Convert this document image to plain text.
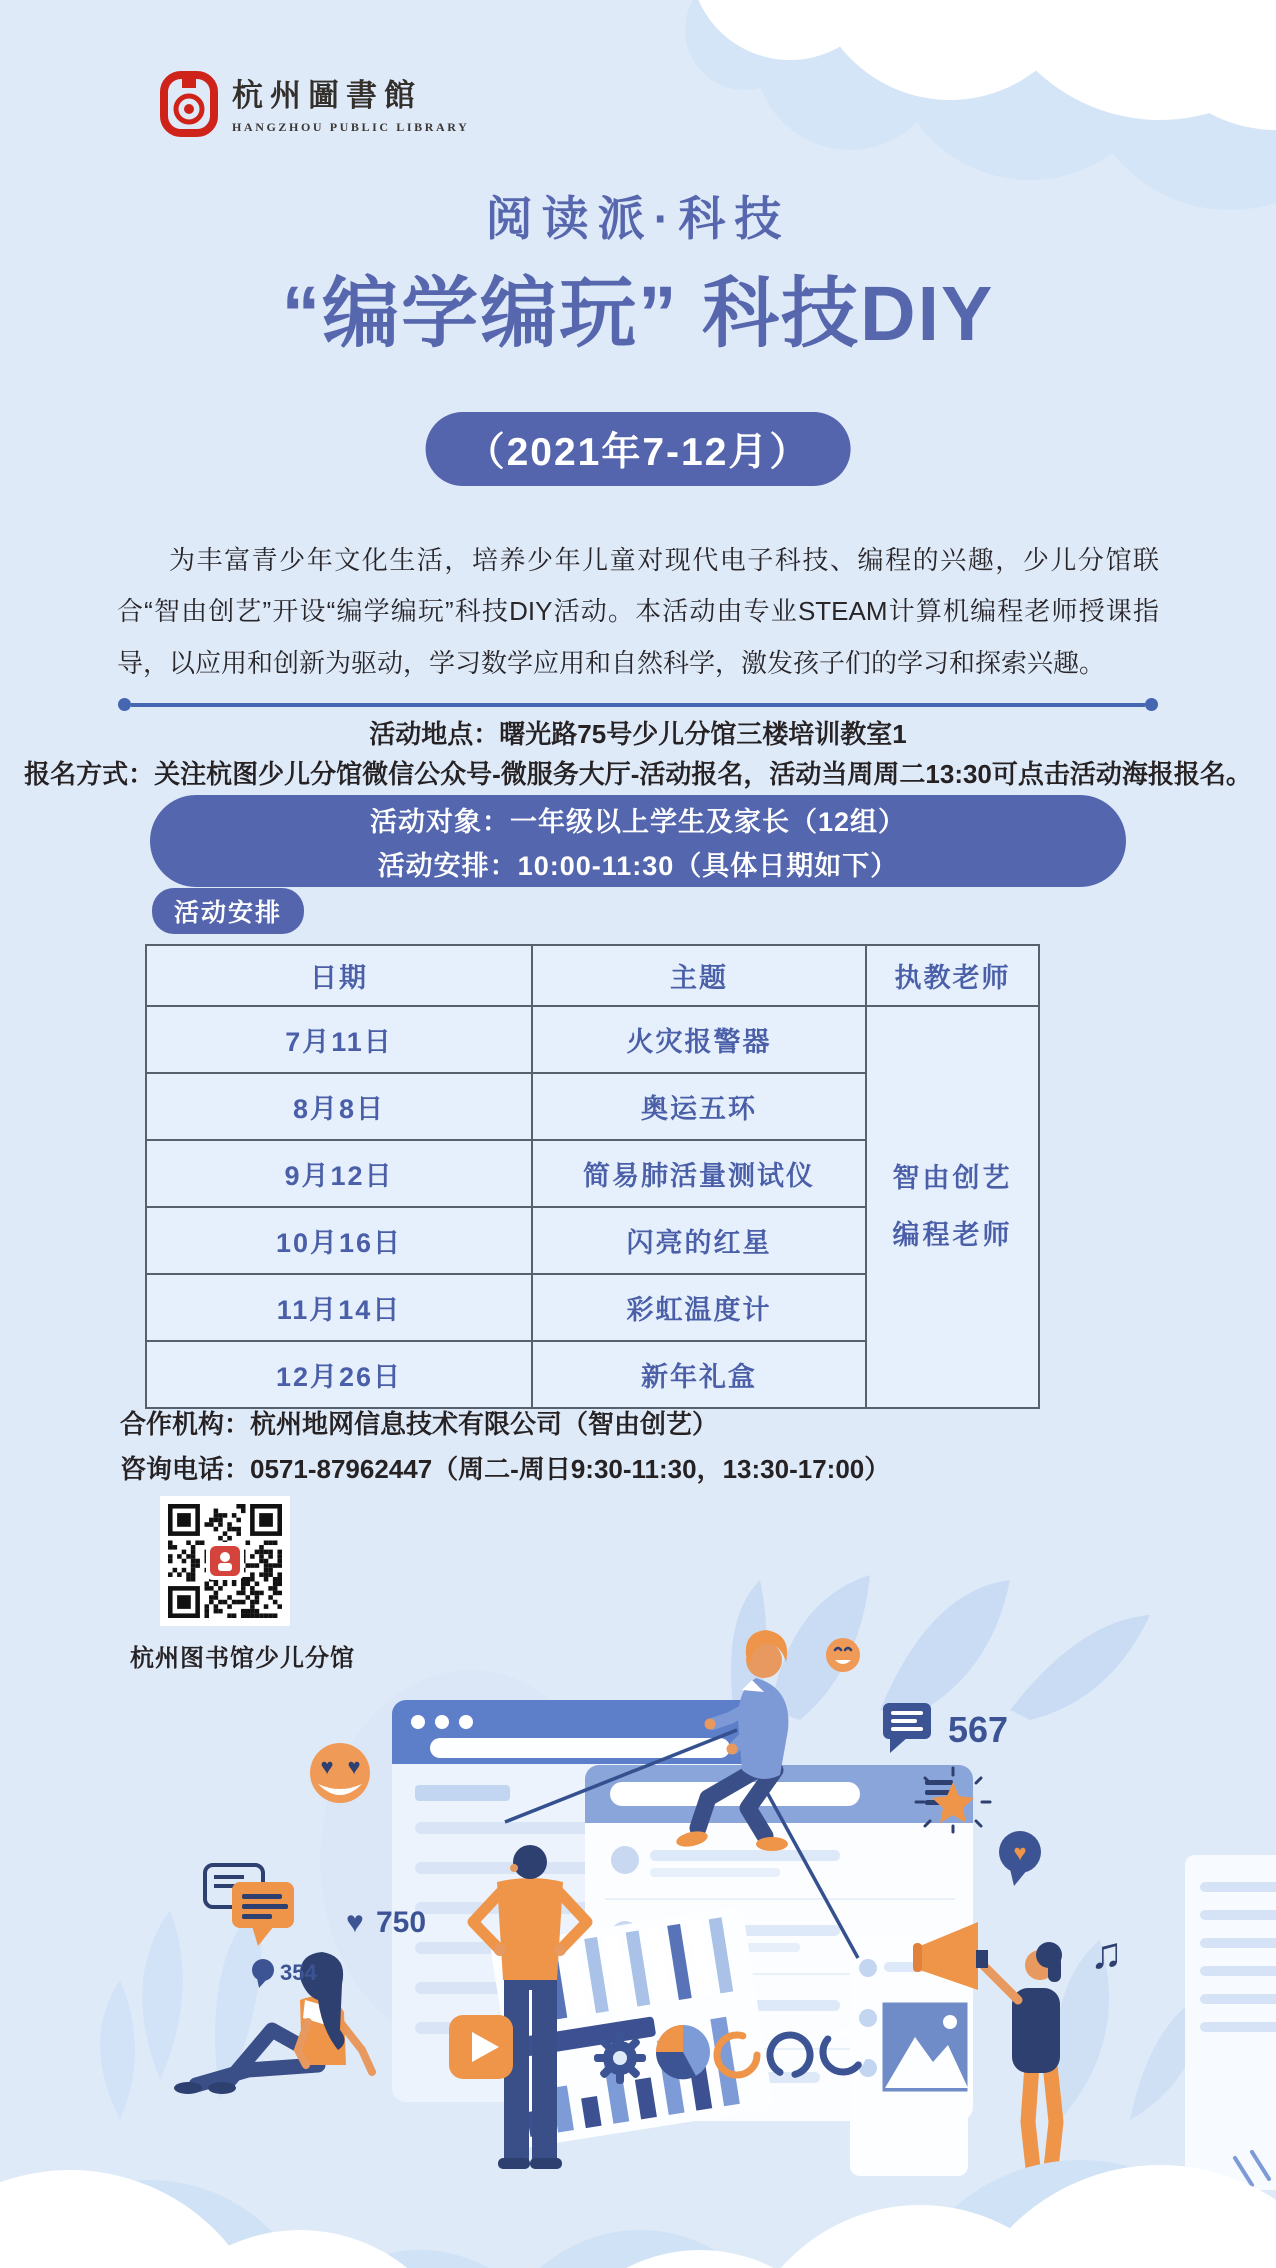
杭州圖書館
HANGZHOU PUBLIC LIBRARY
阅读派·科技
“编学编玩” 科技DIY
（2021年7-12月）

为丰富青少年文化生活，培养少年儿童对现代电子科技、编程的兴趣，少儿分馆联合“智由创艺”开设“编学编玩”科技DIY活动。本活动由专业STEAM计算机编程老师授课指导，以应用和创新为驱动，学习数学应用和自然科学，激发孩子们的学习和探索兴趣。

活动地点：曙光路75号少儿分馆三楼培训教室1
报名方式：关注杭图少儿分馆微信公众号-微服务大厅-活动报名，活动当周周二13:30可点击活动海报报名。
活动对象：一年级以上学生及家长（12组）
活动安排：10:00-11:30（具体日期如下）
活动安排
日期	主题	执教老师
7月11日	火灾报警器	智由创艺
编程老师

8月8日	奥运五环	
9月12日	简易肺活量测试仪	
10月16日	闪亮的红星	
11月14日	彩虹温度计	
12月26日	新年礼盒	
合作机构：杭州地网信息技术有限公司（智由创艺）
咨询电话：0571-87962447（周二-周日9:30-11:30，13:30-17:00）
杭州图书馆少儿分馆
♥ ♥
567
♥
♫
♥ 750
354
